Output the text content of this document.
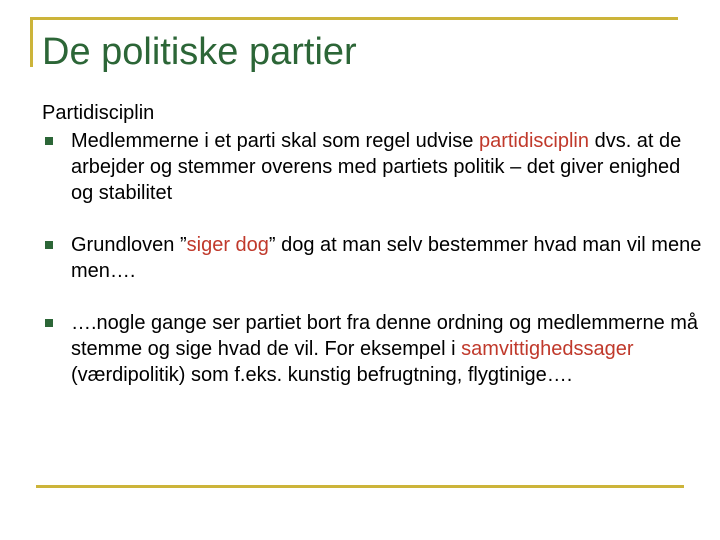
De politiske partier

Partidisciplin

Medlemmerne i et parti skal som regel udvise partidisciplin dvs. at de arbejder og stemmer overens med partiets politik – det giver enighed og stabilitet
Grundloven ”siger dog” dog at man selv bestemmer hvad man vil mene men….
….nogle gange ser partiet bort fra denne ordning og medlemmerne må stemme og sige hvad de vil. For eksempel i samvittighedssager (værdipolitik) som f.eks. kunstig befrugtning, flygtinige….
